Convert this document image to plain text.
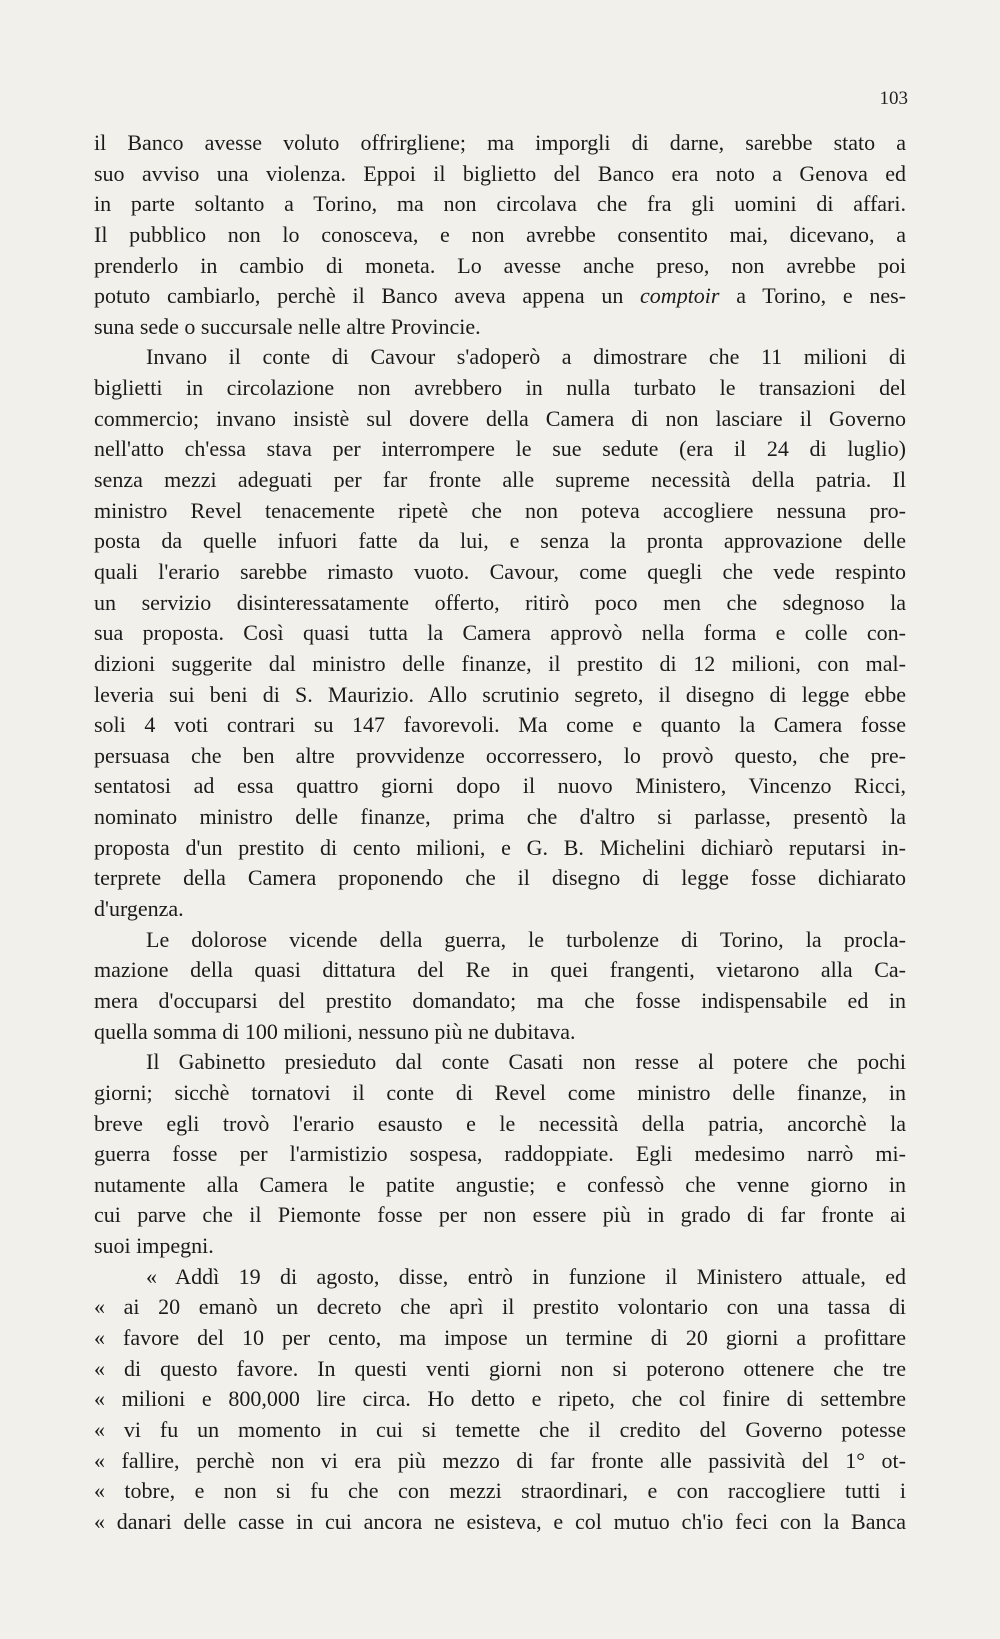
103
il Banco avesse voluto offrirgliene; ma imporgli di darne, sarebbe stato a
suo avviso una violenza. Eppoi il biglietto del Banco era noto a Genova ed
in parte soltanto a Torino, ma non circolava che fra gli uomini di affari.
Il pubblico non lo conosceva, e non avrebbe consentito mai, dicevano, a
prenderlo in cambio di moneta. Lo avesse anche preso, non avrebbe poi
potuto cambiarlo, perchè il Banco aveva appena un comptoir a Torino, e nes-
suna sede o succursale nelle altre Provincie.
Invano il conte di Cavour s'adoperò a dimostrare che 11 milioni di
biglietti in circolazione non avrebbero in nulla turbato le transazioni del
commercio; invano insistè sul dovere della Camera di non lasciare il Governo
nell'atto ch'essa stava per interrompere le sue sedute (era il 24 di luglio)
senza mezzi adeguati per far fronte alle supreme necessità della patria. Il
ministro Revel tenacemente ripetè che non poteva accogliere nessuna pro-
posta da quelle infuori fatte da lui, e senza la pronta approvazione delle
quali l'erario sarebbe rimasto vuoto. Cavour, come quegli che vede respinto
un servizio disinteressatamente offerto, ritirò poco men che sdegnoso la
sua proposta. Così quasi tutta la Camera approvò nella forma e colle con-
dizioni suggerite dal ministro delle finanze, il prestito di 12 milioni, con mal-
leveria sui beni di S. Maurizio. Allo scrutinio segreto, il disegno di legge ebbe
soli 4 voti contrari su 147 favorevoli. Ma come e quanto la Camera fosse
persuasa che ben altre provvidenze occorressero, lo provò questo, che pre-
sentatosi ad essa quattro giorni dopo il nuovo Ministero, Vincenzo Ricci,
nominato ministro delle finanze, prima che d'altro si parlasse, presentò la
proposta d'un prestito di cento milioni, e G. B. Michelini dichiarò reputarsi in-
terprete della Camera proponendo che il disegno di legge fosse dichiarato
d'urgenza.
Le dolorose vicende della guerra, le turbolenze di Torino, la procla-
mazione della quasi dittatura del Re in quei frangenti, vietarono alla Ca-
mera d'occuparsi del prestito domandato; ma che fosse indispensabile ed in
quella somma di 100 milioni, nessuno più ne dubitava.
Il Gabinetto presieduto dal conte Casati non resse al potere che pochi
giorni; sicchè tornatovi il conte di Revel come ministro delle finanze, in
breve egli trovò l'erario esausto e le necessità della patria, ancorchè la
guerra fosse per l'armistizio sospesa, raddoppiate. Egli medesimo narrò mi-
nutamente alla Camera le patite angustie; e confessò che venne giorno in
cui parve che il Piemonte fosse per non essere più in grado di far fronte ai
suoi impegni.
« Addì 19 di agosto, disse, entrò in funzione il Ministero attuale, ed
« ai 20 emanò un decreto che aprì il prestito volontario con una tassa di
« favore del 10 per cento, ma impose un termine di 20 giorni a profittare
« di questo favore. In questi venti giorni non si poterono ottenere che tre
« milioni e 800,000 lire circa. Ho detto e ripeto, che col finire di settembre
« vi fu un momento in cui si temette che il credito del Governo potesse
« fallire, perchè non vi era più mezzo di far fronte alle passività del 1° ot-
« tobre, e non si fu che con mezzi straordinari, e con raccogliere tutti i
« danari delle casse in cui ancora ne esisteva, e col mutuo ch'io feci con la Banca
